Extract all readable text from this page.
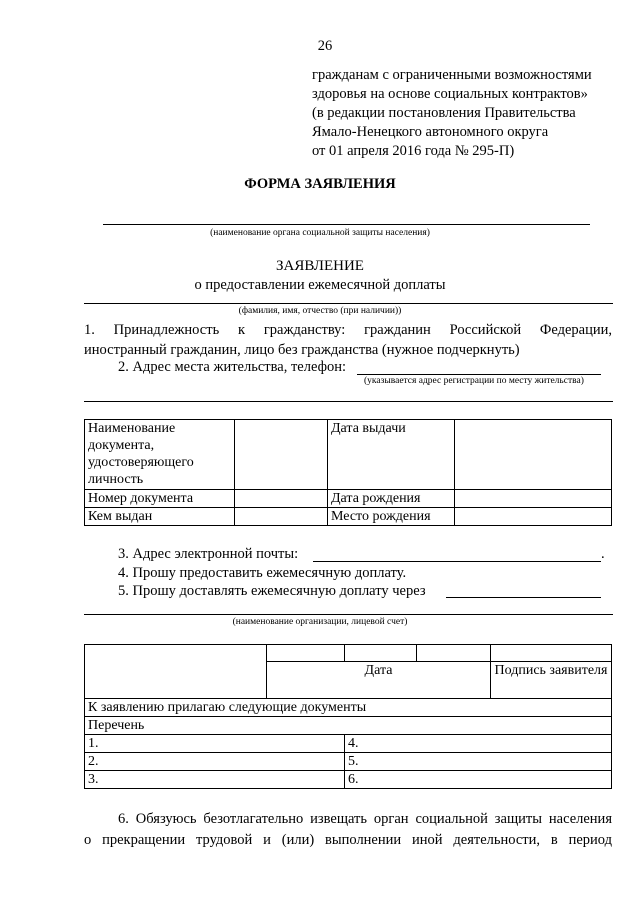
26
гражданам с ограниченными возможностями
здоровья на основе социальных контрактов»
(в редакции постановления Правительства
Ямало-Ненецкого автономного округа
от 01 апреля 2016 года № 295-П)
ФОРМА ЗАЯВЛЕНИЯ
(наименование органа социальной защиты населения)
ЗАЯВЛЕНИЕ
о предоставлении ежемесячной доплаты
(фамилия, имя, отчество (при наличии))
1. Принадлежность к гражданству: гражданин Российской Федерации,
иностранный гражданин, лицо без гражданства (нужное подчеркнуть)
2. Адрес места жительства, телефон:
(указывается адрес регистрации по месту жительства)
Наименование документа, удостоверяющего личность		Дата выдачи	
Номер документа		Дата рождения	
Кем выдан		Место рождения	
3. Адрес электронной почты:	.
4. Прошу предоставить ежемесячную доплату.
5. Прошу доставлять ежемесячную доплату через
(наименование организации, лицевой счет)

	Дата			Подпись заявителя
К заявлению прилагаю следующие документы				
Перечень				
1.		4.		
2.		5.		
3.		6.		
6. Обязуюсь безотлагательно извещать орган социальной защиты населения
о прекращении трудовой и (или) выполнении иной деятельности, в период
